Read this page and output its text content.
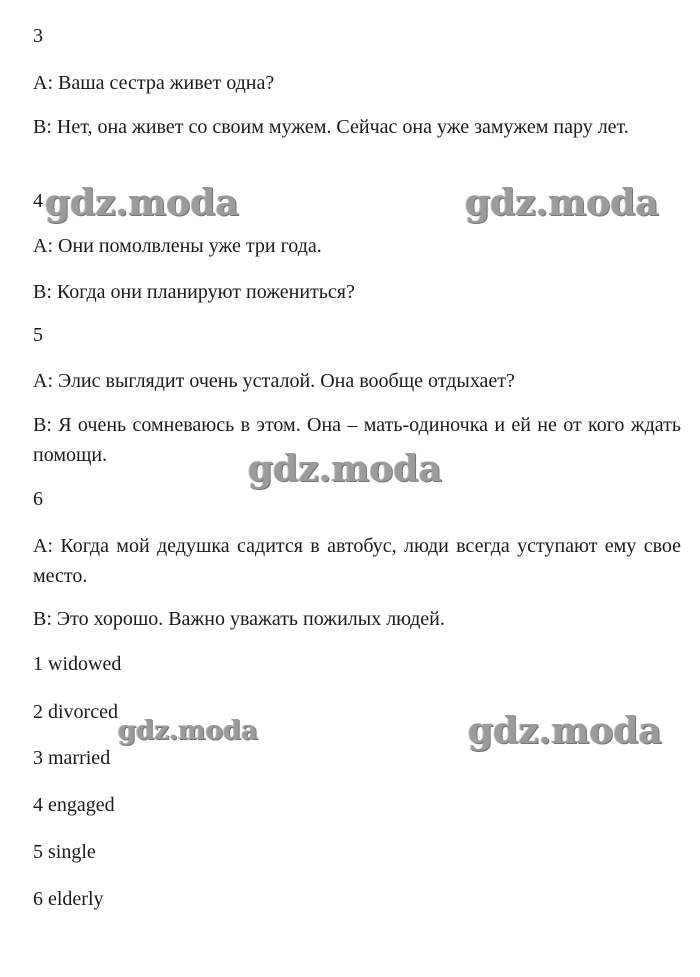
3
A: Ваша сестра живет одна?
B: Нет, она живет со своим мужем. Сейчас она уже замужем пару лет.
4
A: Они помолвлены уже три года.
B: Когда они планируют пожениться?
5
A: Элис выглядит очень усталой. Она вообще отдыхает?
B: Я очень сомневаюсь в этом. Она – мать-одиночка и ей не от кого ждать помощи.
6
A: Когда мой дедушка садится в автобус, люди всегда уступают ему свое место.
B: Это хорошо. Важно уважать пожилых людей.
1 widowed
2 divorced
3 married
4 engaged
5 single
6 elderly
gdz.moda	gdz.moda
gdz.moda
gdz.moda	gdz.moda
